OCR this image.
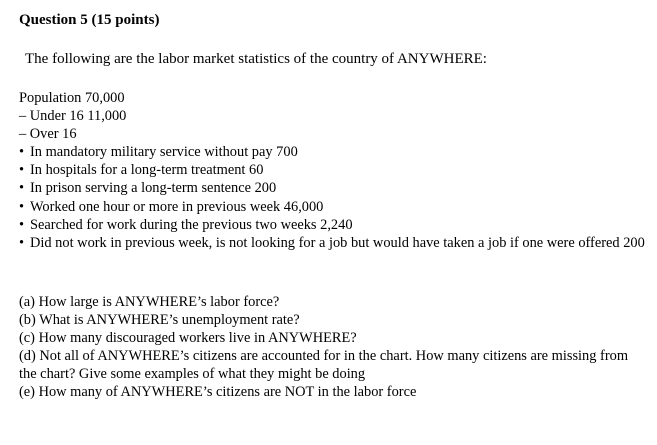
Question 5 (15 points)
The following are the labor market statistics of the country of ANYWHERE:
Population 70,000
– Under 16 11,000
– Over 16
• In mandatory military service without pay 700
• In hospitals for a long-term treatment 60
• In prison serving a long-term sentence 200
• Worked one hour or more in previous week 46,000
• Searched for work during the previous two weeks 2,240
• Did not work in previous week, is not looking for a job but would have taken a job if one were offered 200
(a) How large is ANYWHERE’s labor force?
(b) What is ANYWHERE’s unemployment rate?
(c) How many discouraged workers live in ANYWHERE?
(d) Not all of ANYWHERE’s citizens are accounted for in the chart. How many citizens are missing from the chart? Give some examples of what they might be doing
(e) How many of ANYWHERE’s citizens are NOT in the labor force
